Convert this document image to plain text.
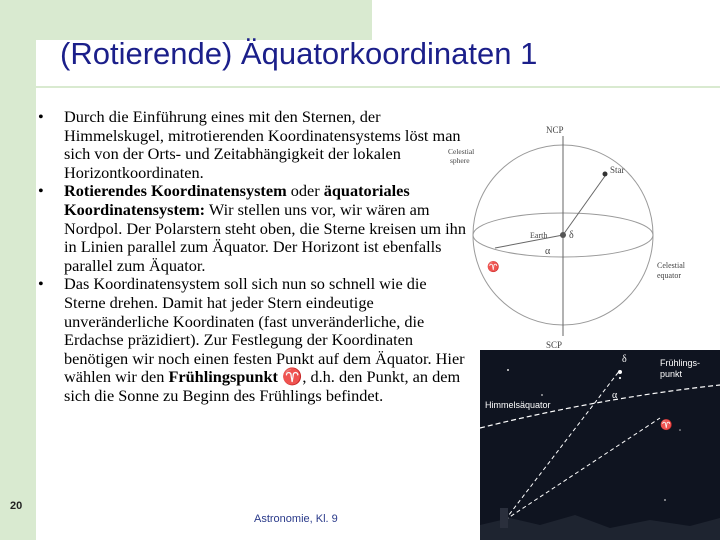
(Rotierende) Äquatorkoordinaten 1
• Durch die Einführung eines mit den Sternen, der Himmelskugel, mitrotierenden Koordinatensystems löst man sich von der Orts- und Zeitabhängigkeit der lokalen Horizontkoordinaten.
• Rotierendes Koordinatensystem oder äquatoriales Koordinatensystem: Wir stellen uns vor, wir wären am Nordpol. Der Polarstern steht oben, die Sterne kreisen um ihn in Linien parallel zum Äquator. Der Horizont ist ebenfalls parallel zum Äquator.
• Das Koordinatensystem soll sich nun so schnell wie die Sterne drehen. Damit hat jeder Stern eindeutige unveränderliche Koordinaten (fast unveränderliche, die Erdachse präzidiert). Zur Festlegung der Koordinaten benötigen wir noch einen festen Punkt auf dem Äquator. Hier wählen wir den Frühlingspunkt ♈, d.h. den Punkt, an dem sich die Sonne zu Beginn des Frühlings befindet.
NCP
SCP
Celestial
sphere
Star
Earth δ
α
♈	Celestial
equator
Frühlings-
punkt
Himmelsäquator
δ
α
♈
20
Astronomie, Kl. 9
